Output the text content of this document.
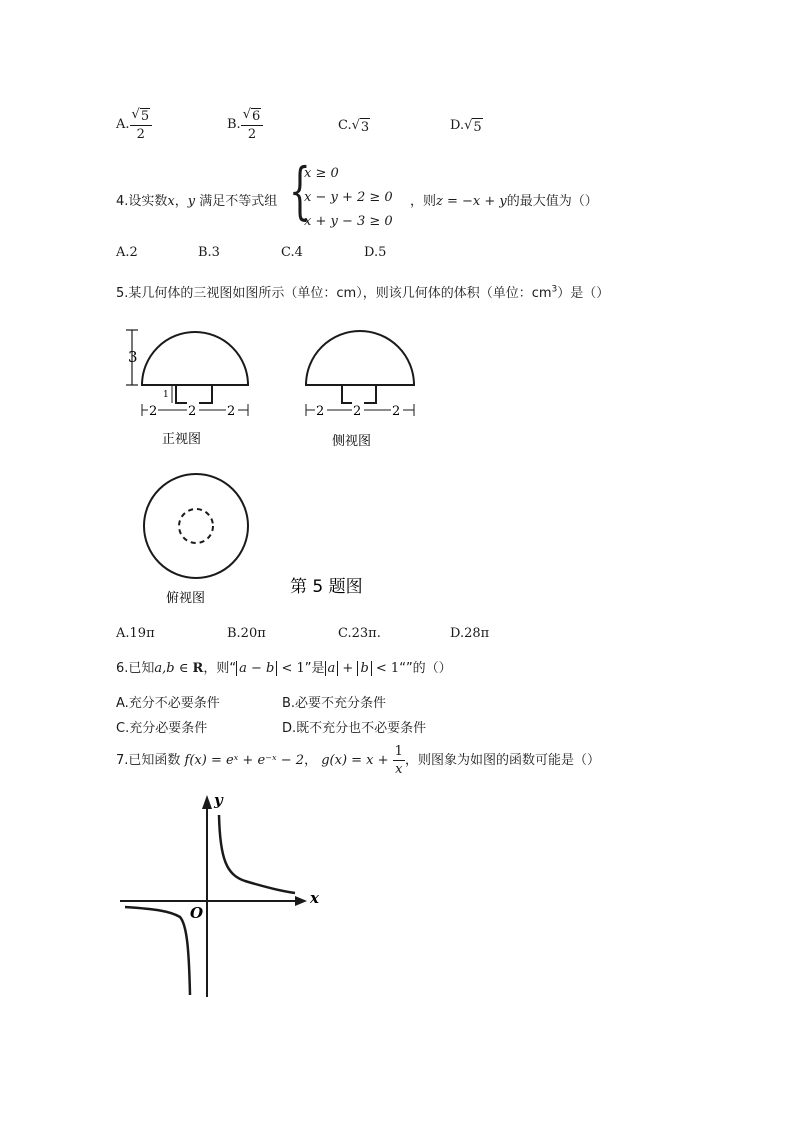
A. $\frac{√ 5}{2}$	B. $\frac{√ 6}{2}$	C. √ 3	D. √ 5
4.设实数x，y 满足不等式组 {
x ≥ 0
x − y + 2 ≥ 0
x + y − 3 ≥ 0
，则z = −x + y的最大值为（）
A.2	B.3	C.4	D.5
5.某几何体的三视图如图所示（单位：cm），则该几何体的体积（单位：$cm^3$）是（）
3
1
2 2 2
正视图
2 2 2
侧视图
俯视图
第 5 题图
A.19π	B.20π	C.23π.	D.28π
6.已知a,b ∈ R，则“ a − b < 1”是 a + b < 1“”的（）
A.充分不必要条件	B.必要不充分条件
C.充分必要条件	D.既不充分也不必要条件
7.已知函数 f(x) = eˣ + e⁻ˣ − 2， $g(x) = x + \frac{1}{x}$ ，则图象为如图的函数可能是（）
x
y
O
